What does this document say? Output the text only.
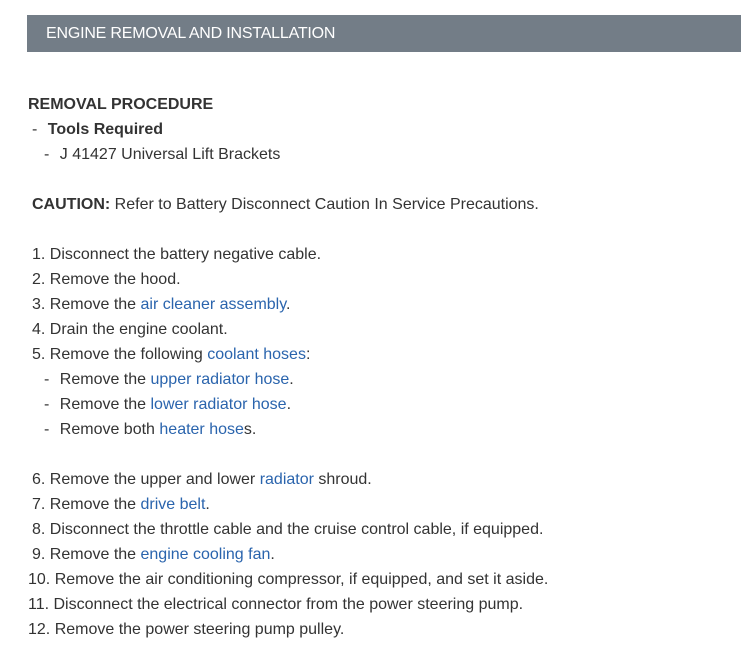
ENGINE REMOVAL AND INSTALLATION
REMOVAL PROCEDURE
- Tools Required
- J 41427 Universal Lift Brackets
CAUTION: Refer to Battery Disconnect Caution In Service Precautions.
1. Disconnect the battery negative cable.
2. Remove the hood.
3. Remove the air cleaner assembly.
4. Drain the engine coolant.
5. Remove the following coolant hoses:
- Remove the upper radiator hose.
- Remove the lower radiator hose.
- Remove both heater hoses.
6. Remove the upper and lower radiator shroud.
7. Remove the drive belt.
8. Disconnect the throttle cable and the cruise control cable, if equipped.
9. Remove the engine cooling fan.
10. Remove the air conditioning compressor, if equipped, and set it aside.
11. Disconnect the electrical connector from the power steering pump.
12. Remove the power steering pump pulley.
